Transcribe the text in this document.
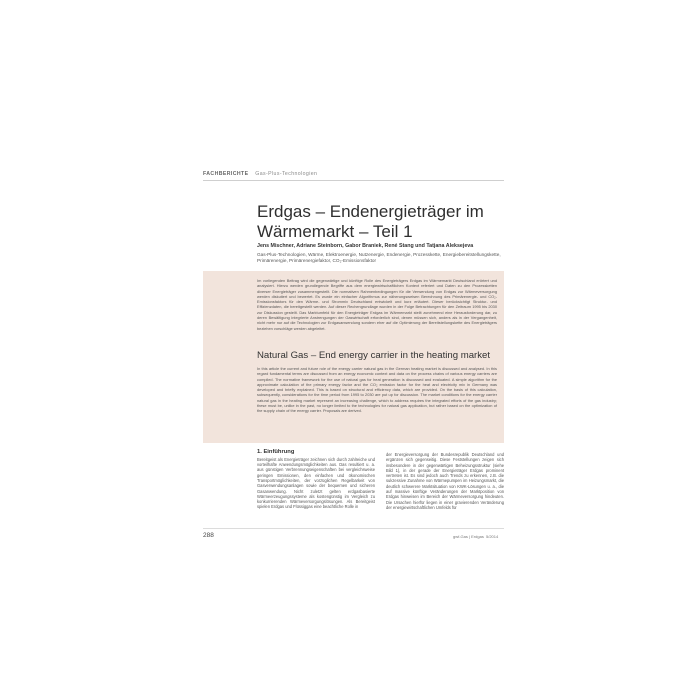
FACHBERICHTE Gas-Plus-Technologien
Erdgas – Endenergieträger im
Wärmemarkt – Teil 1
Jens Mischner, Adriane Steinborn, Gabor Braniek, René Stang und Tatjana Aleksejeva
Gas-Plus-Technologien, Wärme, Elektroenergie, Nutzenergie, Endenergie, Prozesskette, Energiebereitstellungskette, Primärenergie, Primärenergiefaktor, CO₂-Emissionsfaktor
Im vorliegenden Beitrag wird die gegenwärtige und künftige Rolle des Energieträgers Erdgas im Wärmemarkt Deutschland erörtert und analysiert. Hierzu werden grundlegende Begriffe aus dem energiewirtschaftlichen Kontext referiert und Daten zu den Prozessketten diverser Energieträger zusammengestellt. Die normativen Rahmenbedingungen für die Verwendung von Erdgas zur Wärmeversorgung werden diskutiert und bewertet. Es wurde ein einfacher Algorithmus zur näherungsweisen Berechnung des Primärenergie- und CO₂-Emissionsfaktors für den Wärme- und Strommix Deutschland entwickelt und kurz erläutert. Dieser berücksichtigt Struktur- und Effizienzdaten, die bereitgestellt werden. Auf dieser Rechengrundlage wurden in der Folge Betrachtungen für den Zeitraum 1995 bis 2030 zur Diskussion gestellt. Das Marktumfeld für den Energieträger Erdgas im Wärmemarkt stellt zunehmend eine Herausforderung dar, zu deren Bewältigung integrierte Anstrengungen der Gaswirtschaft erforderlich sind, denen müssen sich, anders als in der Vergangenheit, nicht mehr nur auf die Technologien zur Erdgasanwendung sondern eher auf die Optimierung der Bereitstellungskette des Energieträgers beziehen vorschläge werden abgeleitet.
Natural Gas – End energy carrier in the heating market
In this article the current and future role of the energy carrier natural gas in the German heating market is discussed and analysed. In this regard fundamental terms are discussed from an energy economic context and data on the process chains of various energy carriers are compiled. The normative framework for the use of natural gas for heat generation is discussed and evaluated. A simple algorithm for the approximate calculation of the primary energy factor and the CO₂ emission factor for the heat and electricity mix in Germany was developed and briefly explained. This is based on structural and efficiency data, which are provided. On the basis of this calculation, subsequently, considerations for the time period from 1995 to 2030 are put up for discussion. The market conditions for the energy carrier natural gas in the heating market represent an increasing challenge, which to address requires the integrated efforts of the gas industry; these must be, unlike in the past, no longer limited to the technologies for natural gas application, but rather based on the optimization of the supply chain of the energy carrier. Proposals are derived.
1. Einführung

Bereitgeist als Energieträger zeichnen sich durch zahlreiche und vorteilhafte Anwendungsmöglichkeiten aus. Das resultiert u. a. aus günstigen Verbrennungseigenschaften bei vergleichsweise geringen Emissionen, den einfachen und ökonomischen Transportmöglichkeiten, der vorzüglichen Regelbarkeit von Gasverwendungsanlagen sowie der bequemen und sicheren Gasanwendung. Nicht zuletzt gelten erdgasbasierte Wärmeerzeugungssysteme als kostengünstig im Vergleich zu konkurrierenden Wärmeversorgungslösungen. Als Bereitgeist spielen Erdgas und Flüssiggas eine beachtliche Rolle in

der Energieversorgung der Bundesrepublik Deutschland und ergänzen sich gegenseitig. Diese Feststellungen zeigen sich insbesondere in der gegenwärtigen Beheizungsstruktur (siehe Bild 1), in der gerade der Energieträger Erdgas prominent vertreten ist. Es sind jedoch auch Trends zu erkennen, z.B. die sukzessive Zunahme von Wärmepumpen im Heizungsmarkt, die deutlich schwerere Marktsituation von KWK-Lösungen u. a., die auf massive künftige Veränderungen der Marktposition von Erdgas hinweisen im Bereich der Wärmeversorgung hindeuten. Die Ursachen hierfür liegen in einer gravierenden Veränderung der energiewirtschaftlichen Umfelds für

288	gwf-Gas | Erdgas 5/2014
